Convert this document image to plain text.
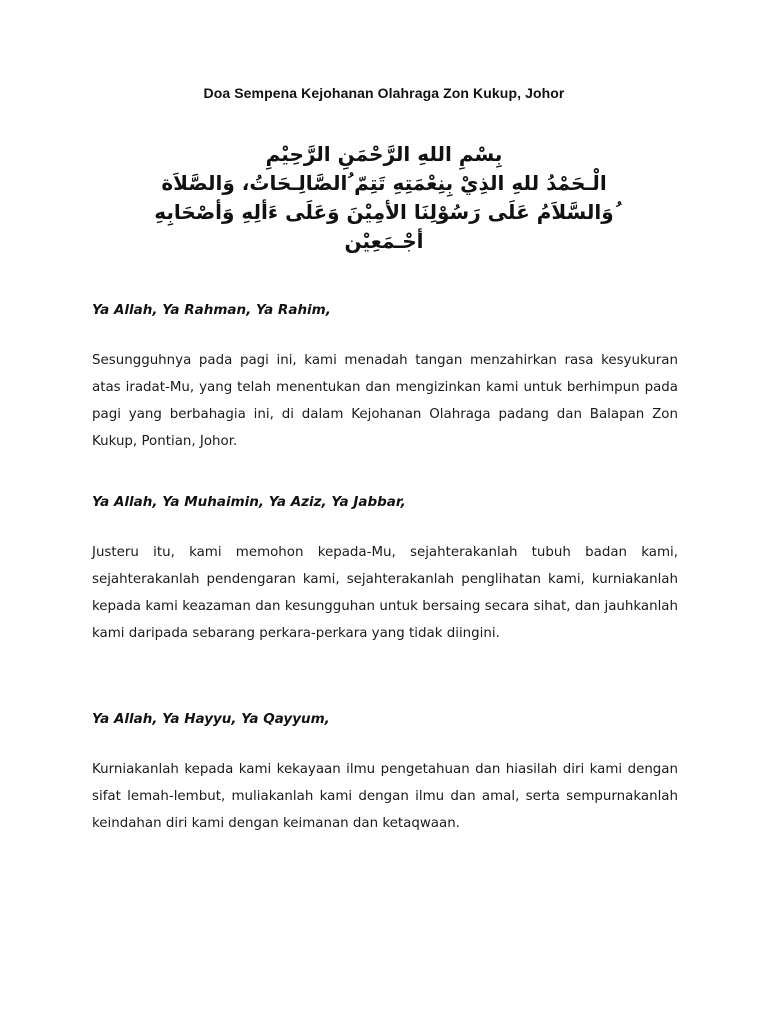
Doa Sempena Kejohanan Olahraga Zon Kukup, Johor
بِسْمِ اللهِ الرَّحْمَنِ الرَّحِيْمِ
الْـحَمْدُ للهِ الذِيْ بِنِعْمَتِهِ تَتِمّ ُالصَّالِـحَاتُ، وَالصَّلاَة
ُوَالسَّلاَمُ عَلَى رَسُوْلِنَا الأمِيْنَ وَعَلَى ءَألِهِ وَأصْحَابِهِ
أجْـمَعِيْن
Ya Allah, Ya Rahman, Ya Rahim,
Sesungguhnya pada pagi ini, kami menadah tangan menzahirkan rasa kesyukuran atas iradat-Mu, yang telah menentukan dan mengizinkan kami untuk berhimpun pada pagi yang berbahagia ini, di dalam Kejohanan Olahraga padang dan Balapan Zon Kukup, Pontian, Johor.
Ya Allah, Ya Muhaimin, Ya Aziz, Ya Jabbar,
Justeru itu, kami memohon kepada-Mu, sejahterakanlah tubuh badan kami, sejahterakanlah pendengaran kami, sejahterakanlah penglihatan kami, kurniakanlah kepada kami keazaman dan kesungguhan untuk bersaing secara sihat, dan jauhkanlah kami daripada sebarang perkara-perkara yang tidak diingini.
Ya Allah, Ya Hayyu, Ya Qayyum,
Kurniakanlah kepada kami kekayaan ilmu pengetahuan dan hiasilah diri kami dengan sifat lemah-lembut, muliakanlah kami dengan ilmu dan amal, serta sempurnakanlah keindahan diri kami dengan keimanan dan ketaqwaan.
